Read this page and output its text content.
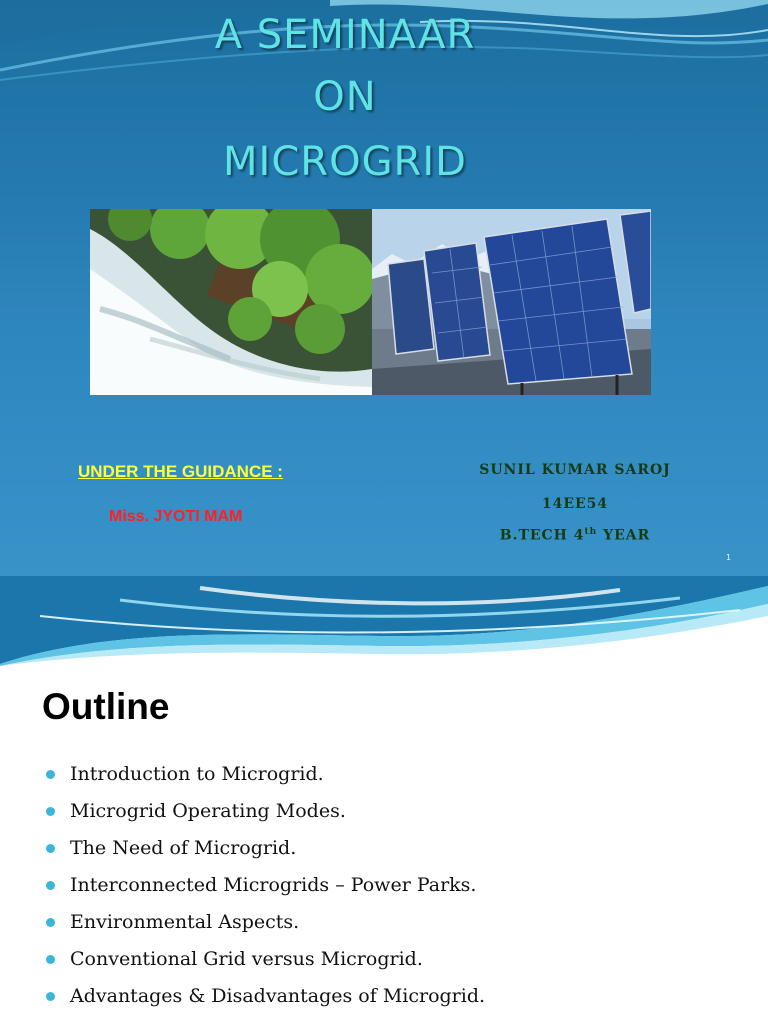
A SEMINAAR
ON
MICROGRID
UNDER THE GUIDANCE :
Miss. JYOTI MAM
SUNIL KUMAR SAROJ
14EE54
B.TECH 4th YEAR
1
Outline
Introduction to Microgrid.
Microgrid Operating Modes.
The Need of Microgrid.
Interconnected Microgrids – Power Parks.
Environmental Aspects.
Conventional Grid versus Microgrid.
Advantages & Disadvantages of Microgrid.
